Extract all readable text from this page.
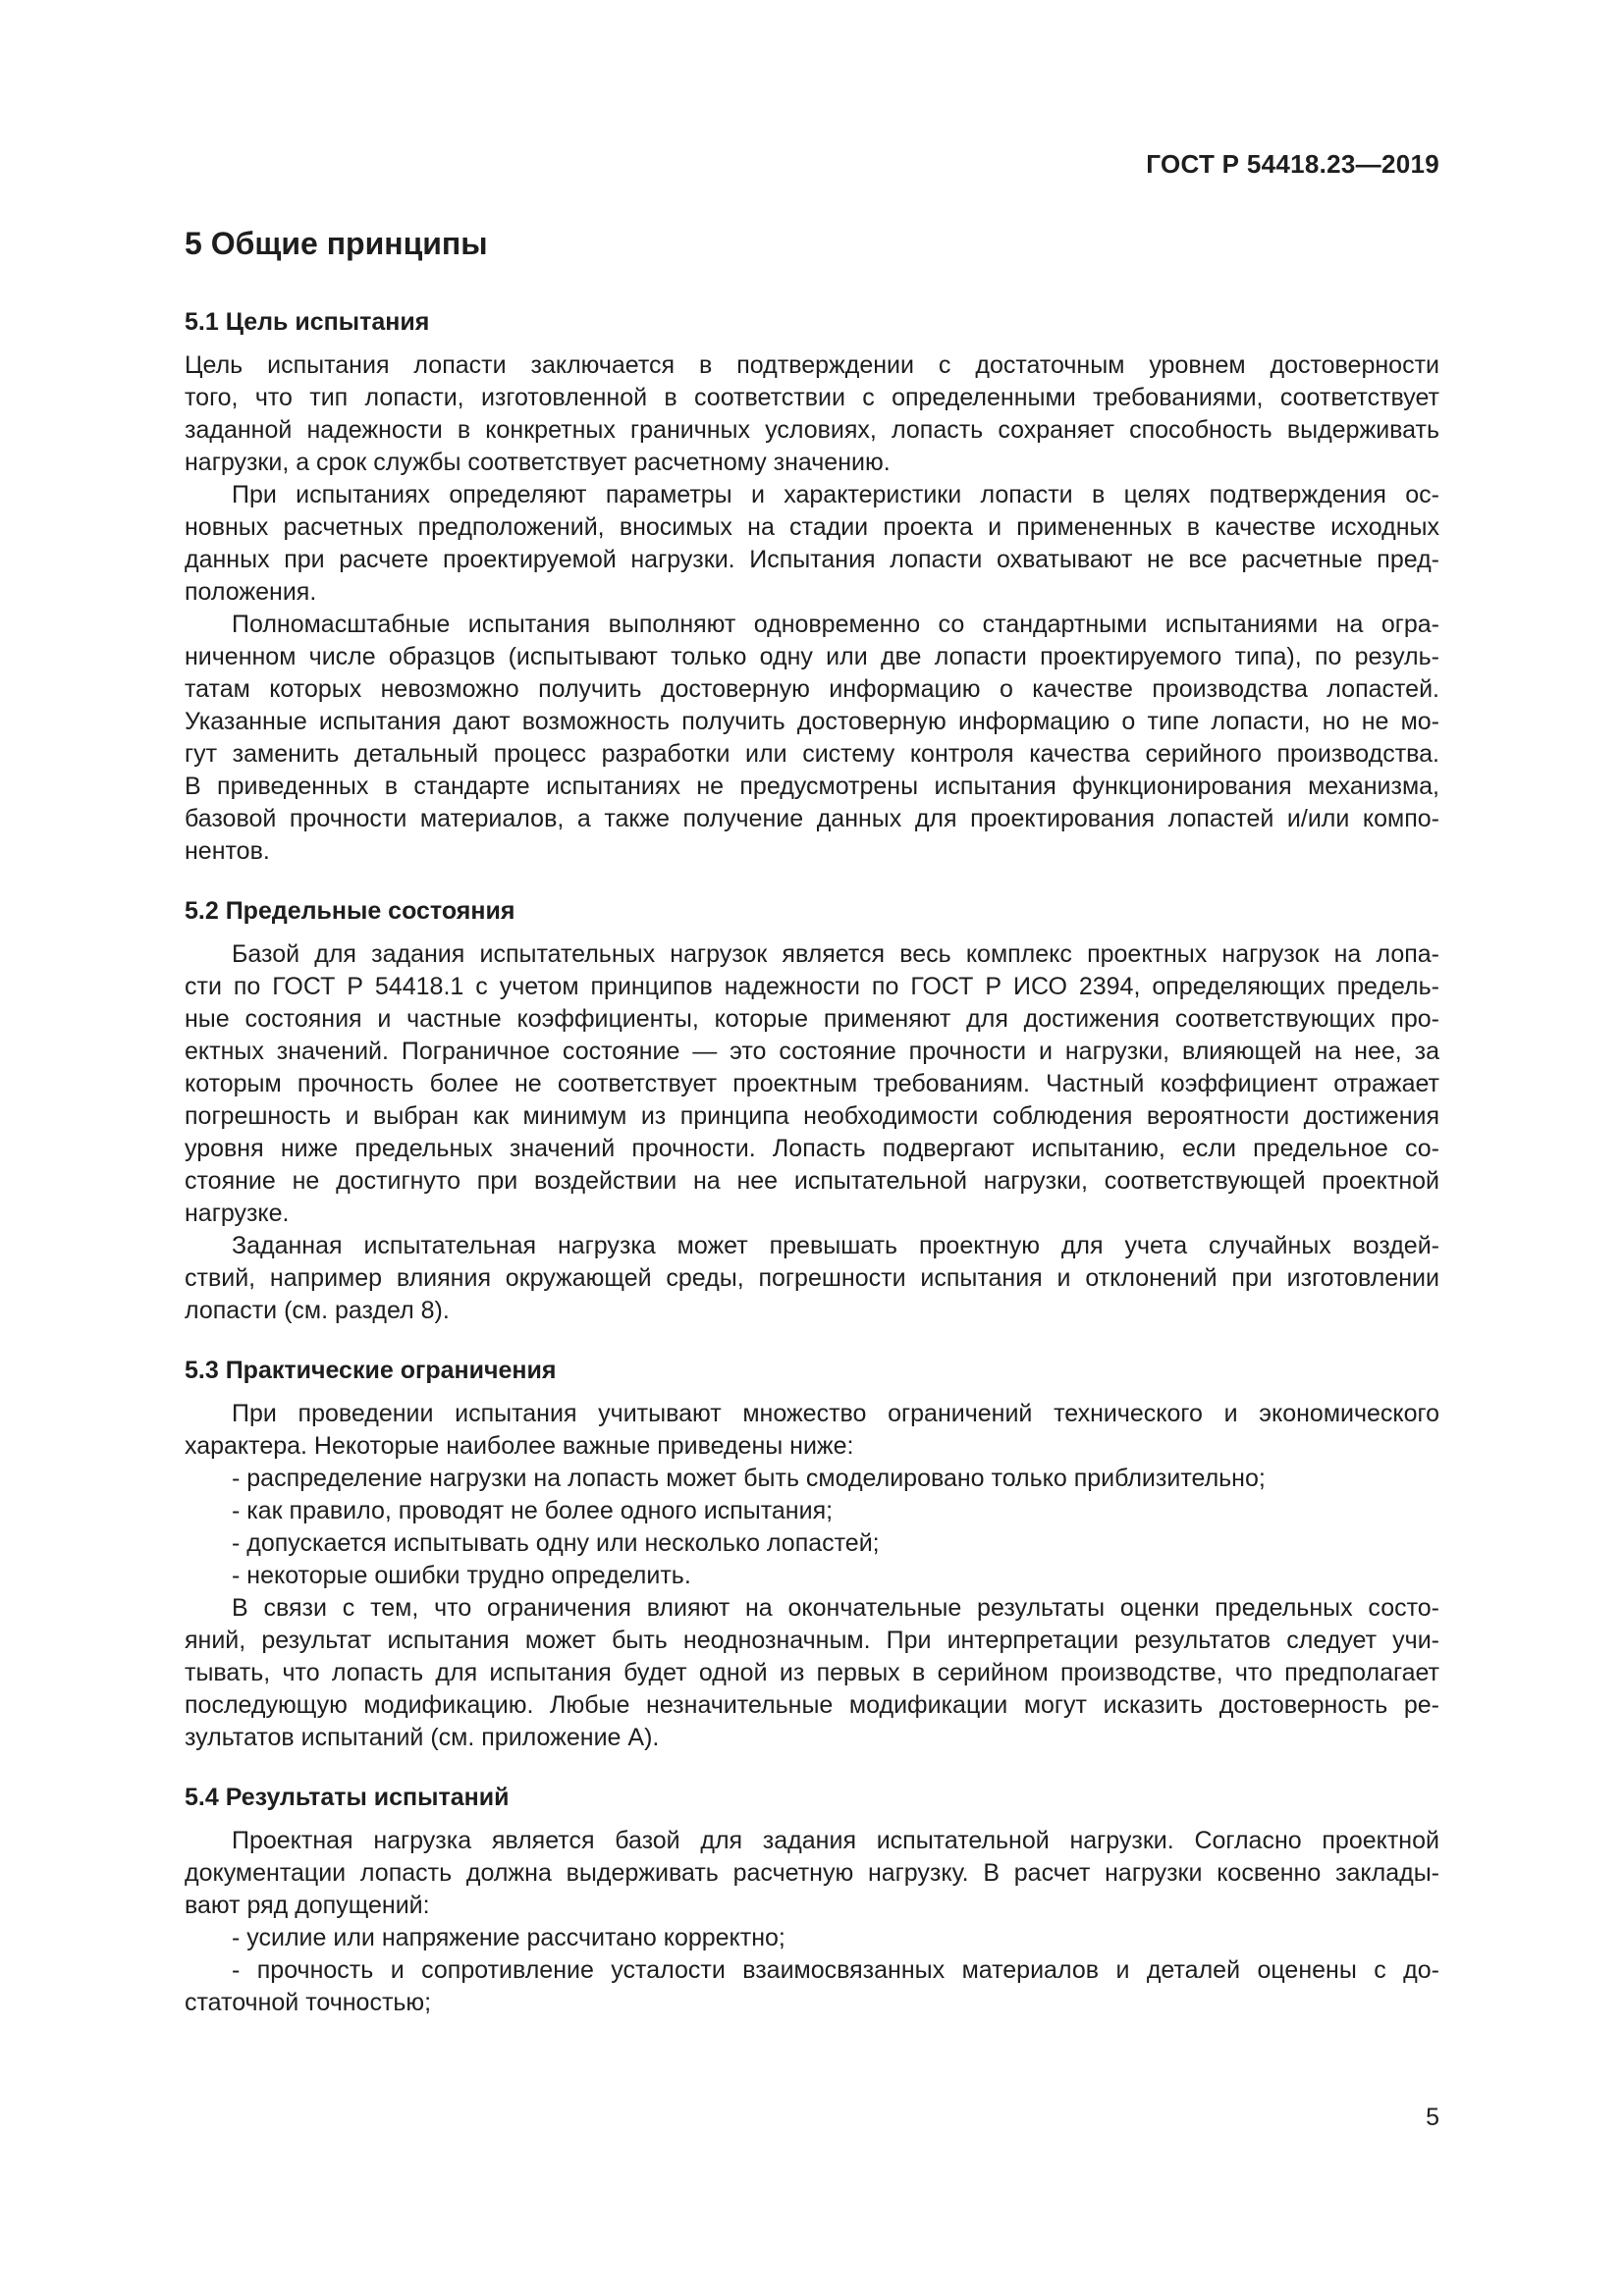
ГОСТ Р 54418.23—2019
5 Общие принципы
5.1 Цель испытания
Цель испытания лопасти заключается в подтверждении с достаточным уровнем достоверности
того, что тип лопасти, изготовленной в соответствии с определенными требованиями, соответствует
заданной надежности в конкретных граничных условиях, лопасть сохраняет способность выдерживать
нагрузки, а срок службы соответствует расчетному значению.
При испытаниях определяют параметры и характеристики лопасти в целях подтверждения ос-
новных расчетных предположений, вносимых на стадии проекта и примененных в качестве исходных
данных при расчете проектируемой нагрузки. Испытания лопасти охватывают не все расчетные пред-
положения.
Полномасштабные испытания выполняют одновременно со стандартными испытаниями на огра-
ниченном числе образцов (испытывают только одну или две лопасти проектируемого типа), по резуль-
татам которых невозможно получить достоверную информацию о качестве производства лопастей.
Указанные испытания дают возможность получить достоверную информацию о типе лопасти, но не мо-
гут заменить детальный процесс разработки или систему контроля качества серийного производства.
В приведенных в стандарте испытаниях не предусмотрены испытания функционирования механизма,
базовой прочности материалов, а также получение данных для проектирования лопастей и/или компо-
нентов.
5.2 Предельные состояния
Базой для задания испытательных нагрузок является весь комплекс проектных нагрузок на лопа-
сти по ГОСТ Р 54418.1 с учетом принципов надежности по ГОСТ Р ИСО 2394, определяющих предель-
ные состояния и частные коэффициенты, которые применяют для достижения соответствующих про-
ектных значений. Пограничное состояние — это состояние прочности и нагрузки, влияющей на нее, за
которым прочность более не соответствует проектным требованиям. Частный коэффициент отражает
погрешность и выбран как минимум из принципа необходимости соблюдения вероятности достижения
уровня ниже предельных значений прочности. Лопасть подвергают испытанию, если предельное со-
стояние не достигнуто при воздействии на нее испытательной нагрузки, соответствующей проектной
нагрузке.
Заданная испытательная нагрузка может превышать проектную для учета случайных воздей-
ствий, например влияния окружающей среды, погрешности испытания и отклонений при изготовлении
лопасти (см. раздел 8).
5.3 Практические ограничения
При проведении испытания учитывают множество ограничений технического и экономического
характера. Некоторые наиболее важные приведены ниже:
- распределение нагрузки на лопасть может быть смоделировано только приблизительно;
- как правило, проводят не более одного испытания;
- допускается испытывать одну или несколько лопастей;
- некоторые ошибки трудно определить.
В связи с тем, что ограничения влияют на окончательные результаты оценки предельных состо-
яний, результат испытания может быть неоднозначным. При интерпретации результатов следует учи-
тывать, что лопасть для испытания будет одной из первых в серийном производстве, что предполагает
последующую модификацию. Любые незначительные модификации могут исказить достоверность ре-
зультатов испытаний (см. приложение А).
5.4 Результаты испытаний
Проектная нагрузка является базой для задания испытательной нагрузки. Согласно проектной
документации лопасть должна выдерживать расчетную нагрузку. В расчет нагрузки косвенно заклады-
вают ряд допущений:
- усилие или напряжение рассчитано корректно;
- прочность и сопротивление усталости взаимосвязанных материалов и деталей оценены с до-
статочной точностью;
5
